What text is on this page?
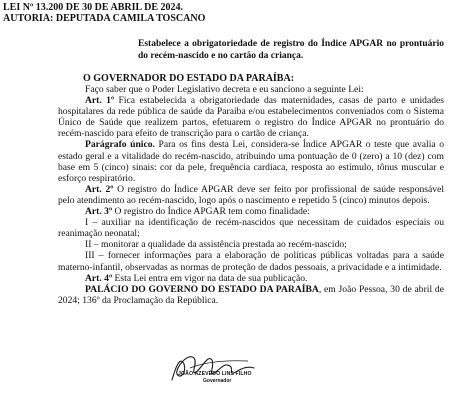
LEI Nº 13.200 DE 30 DE ABRIL DE 2024.
AUTORIA: DEPUTADA CAMILA TOSCANO
Estabelece a obrigatoriedade de registro do Índice APGAR no prontuário do recém-nascido e no cartão da criança.
O GOVERNADOR DO ESTADO DA PARAÍBA:

Faço saber que o Poder Legislativo decreta e eu sanciono a seguinte Lei:

Art. 1º Fica estabelecida a obrigatoriedade das maternidades, casas de parto e unidades hospitalares da rede pública de saúde da Paraíba e/ou estabelecimentos conveniados com o Sistema Único de Saúde que realizem partos, efetuarem o registro do Índice APGAR no prontuário do recém-nascido para efeito de transcrição para o cartão de criança.

Parágrafo único. Para os fins desta Lei, considera-se Índice APGAR o teste que avalia o estado geral e a vitalidade do recém-nascido, atribuindo uma pontuação de 0 (zero) a 10 (dez) com base em 5 (cinco) sinais: cor da pele, frequência cardíaca, resposta ao estímulo, tônus muscular e esforço respiratório.

Art. 2º O registro do Índice APGAR deve ser feito por profissional de saúde responsável pelo atendimento ao recém-nascido, logo após o nascimento e repetido 5 (cinco) minutos depois.

Art. 3º O registro do Índice APGAR tem como finalidade:

I – auxiliar na identificação de recém-nascidos que necessitam de cuidados especiais ou reanimação neonatal;

II – monitorar a qualidade da assistência prestada ao recém-nascido;

III – fornecer informações para a elaboração de políticas públicas voltadas para a saúde materno-infantil, observadas as normas de proteção de dados pessoais, a privacidade e a intimidade.

Art. 4º Esta Lei entra em vigor na data de sua publicação.

PALÁCIO DO GOVERNO DO ESTADO DA PARAÍBA, em João Pessoa, 30 de abril de 2024; 136º da Proclamação da República.

JOÃO AZEVÊDO LINS FILHO
Governador
